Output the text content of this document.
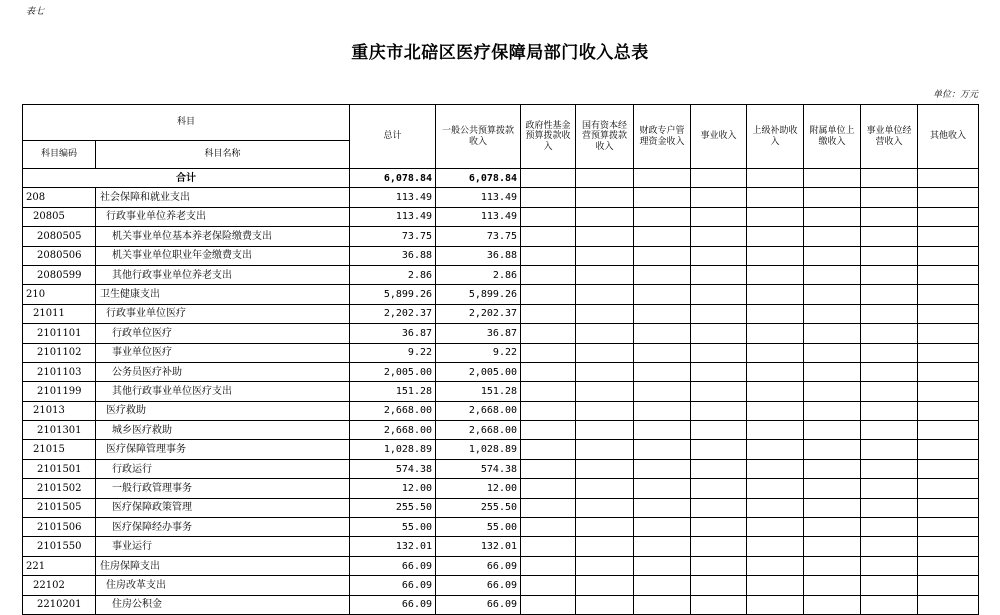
表七
重庆市北碚区医疗保障局部门收入总表
单位：万元
科目		总计	一般公共预算拨款收入	政府性基金预算拨款收入	国有资本经营预算拨款收入	财政专户管理资金收入	事业收入	上级补助收入	附属单位上缴收入	事业单位经营收入	其他收入
科目编码	科目名称										
合计		6,078.84	6,078.84								
208	社会保障和就业支出	113.49	113.49								
20805	行政事业单位养老支出	113.49	113.49								
2080505	机关事业单位基本养老保险缴费支出	73.75	73.75								
2080506	机关事业单位职业年金缴费支出	36.88	36.88								
2080599	其他行政事业单位养老支出	2.86	2.86								
210	卫生健康支出	5,899.26	5,899.26								
21011	行政事业单位医疗	2,202.37	2,202.37								
2101101	行政单位医疗	36.87	36.87								
2101102	事业单位医疗	9.22	9.22								
2101103	公务员医疗补助	2,005.00	2,005.00								
2101199	其他行政事业单位医疗支出	151.28	151.28								
21013	医疗救助	2,668.00	2,668.00								
2101301	城乡医疗救助	2,668.00	2,668.00								
21015	医疗保障管理事务	1,028.89	1,028.89								
2101501	行政运行	574.38	574.38								
2101502	一般行政管理事务	12.00	12.00								
2101505	医疗保障政策管理	255.50	255.50								
2101506	医疗保障经办事务	55.00	55.00								
2101550	事业运行	132.01	132.01								
221	住房保障支出	66.09	66.09								
22102	住房改革支出	66.09	66.09								
2210201	住房公积金	66.09	66.09								
